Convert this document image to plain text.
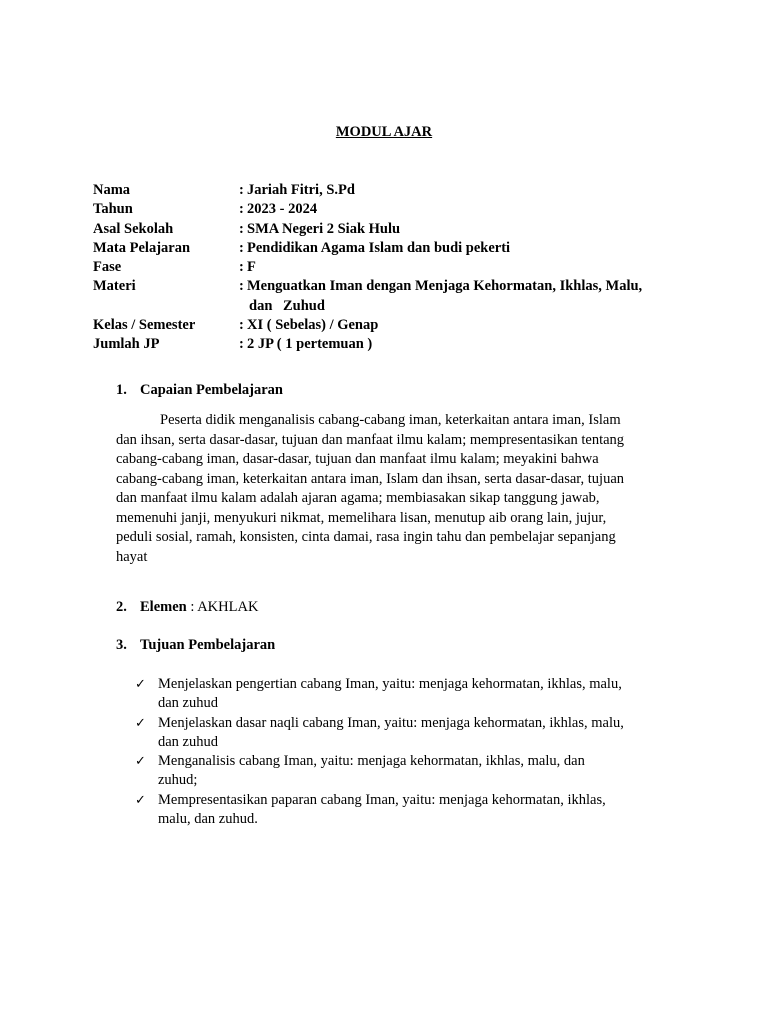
MODUL AJAR
Nama	: Jariah Fitri, S.Pd
Tahun	: 2023 - 2024
Asal Sekolah	: SMA Negeri 2 Siak Hulu
Mata Pelajaran	: Pendidikan Agama Islam dan budi pekerti
Fase	: F
Materi	: Menguatkan Iman dengan Menjaga Kehormatan, Ikhlas, Malu,
dan Zuhud
Kelas / Semester	: XI ( Sebelas) / Genap
Jumlah JP	: 2 JP ( 1 pertemuan )
1. Capaian Pembelajaran
Peserta didik menganalisis cabang-cabang iman, keterkaitan antara iman, Islam
dan ihsan, serta dasar-dasar, tujuan dan manfaat ilmu kalam; mempresentasikan tentang
cabang-cabang iman, dasar-dasar, tujuan dan manfaat ilmu kalam; meyakini bahwa
cabang-cabang iman, keterkaitan antara iman, Islam dan ihsan, serta dasar-dasar, tujuan
dan manfaat ilmu kalam adalah ajaran agama; membiasakan sikap tanggung jawab,
memenuhi janji, menyukuri nikmat, memelihara lisan, menutup aib orang lain, jujur,
peduli sosial, ramah, konsisten, cinta damai, rasa ingin tahu dan pembelajar sepanjang
hayat
2. Elemen : AKHLAK
3. Tujuan Pembelajaran
✓ Menjelaskan pengertian cabang Iman, yaitu: menjaga kehormatan, ikhlas, malu,
dan zuhud
✓ Menjelaskan dasar naqli cabang Iman, yaitu: menjaga kehormatan, ikhlas, malu,
dan zuhud
✓ Menganalisis cabang Iman, yaitu: menjaga kehormatan, ikhlas, malu, dan
zuhud;
✓ Mempresentasikan paparan cabang Iman, yaitu: menjaga kehormatan, ikhlas,
malu, dan zuhud.
